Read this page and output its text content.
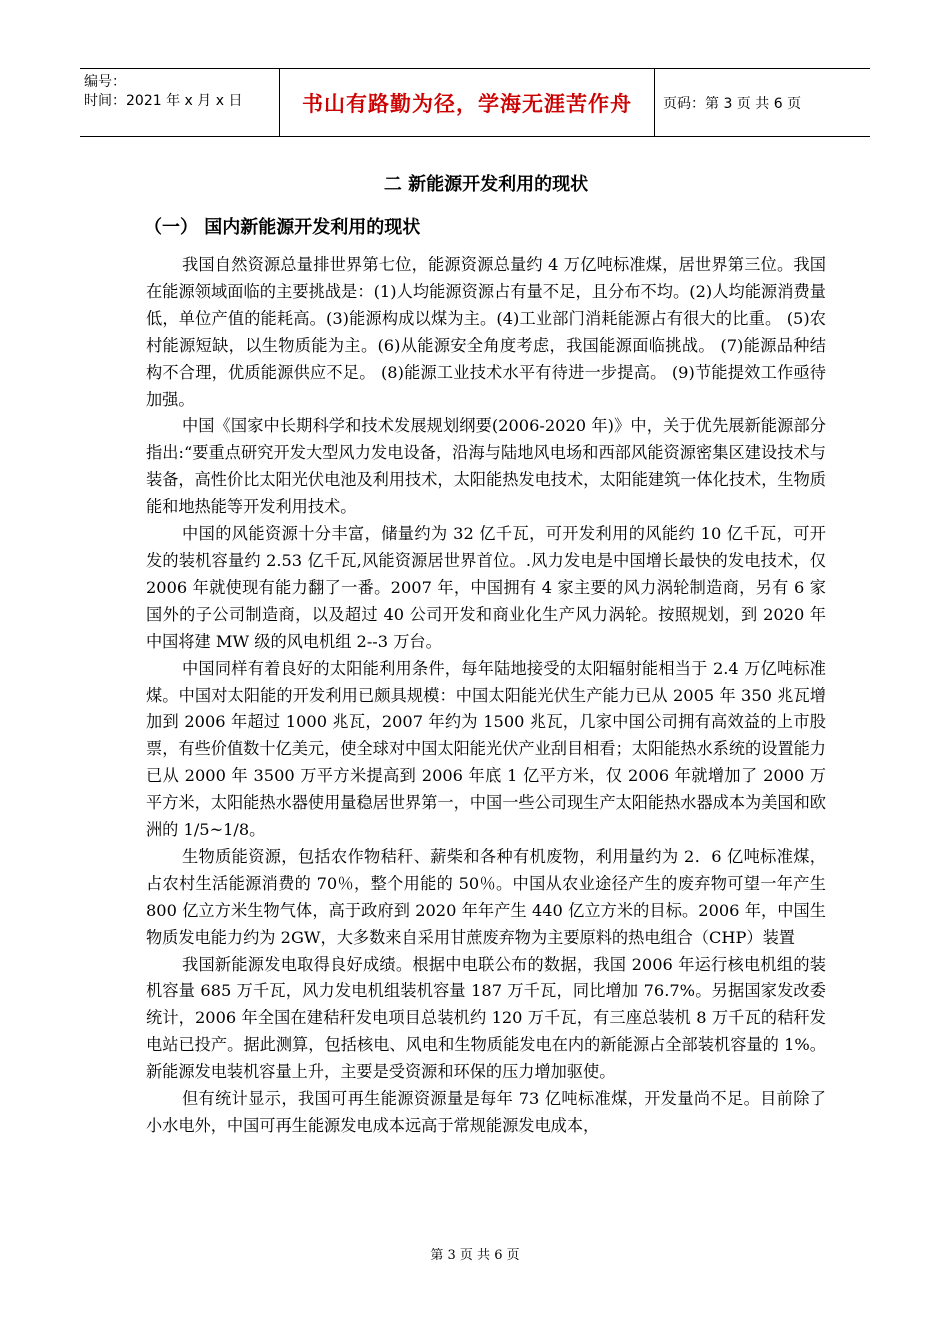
编号：
时间：2021 年 x 月 x 日	书山有路勤为径，学海无涯苦作舟	页码：第 3 页 共 6 页
二 新能源开发利用的现状
（一） 国内新能源开发利用的现状

我国自然资源总量排世界第七位，能源资源总量约 4 万亿吨标准煤，居世界第三位。我国在能源领域面临的主要挑战是：(1)人均能源资源占有量不足，且分布不均。(2)人均能源消费量低，单位产值的能耗高。(3)能源构成以煤为主。(4)工业部门消耗能源占有很大的比重。 (5)农村能源短缺，以生物质能为主。(6)从能源安全角度考虑，我国能源面临挑战。 (7)能源品种结构不合理，优质能源供应不足。 (8)能源工业技术水平有待进一步提高。 (9)节能提效工作亟待加强。

中国《国家中长期科学和技术发展规划纲要(2006-2020 年)》中，关于优先展新能源部分指出:“要重点研究开发大型风力发电设备，沿海与陆地风电场和西部风能资源密集区建设技术与装备，高性价比太阳光伏电池及利用技术，太阳能热发电技术，太阳能建筑一体化技术，生物质能和地热能等开发利用技术。

中国的风能资源十分丰富，储量约为 32 亿千瓦，可开发利用的风能约 10 亿千瓦，可开发的装机容量约 2.53 亿千瓦,风能资源居世界首位。.风力发电是中国增长最快的发电技术，仅 2006 年就使现有能力翻了一番。2007 年，中国拥有 4 家主要的风力涡轮制造商，另有 6 家国外的子公司制造商，以及超过 40 公司开发和商业化生产风力涡轮。按照规划，到 2020 年中国将建 MW 级的风电机组 2--3 万台。

中国同样有着良好的太阳能利用条件，每年陆地接受的太阳辐射能相当于 2.4 万亿吨标准煤。中国对太阳能的开发利用已颇具规模：中国太阳能光伏生产能力已从 2005 年 350 兆瓦增加到 2006 年超过 1000 兆瓦，2007 年约为 1500 兆瓦，几家中国公司拥有高效益的上市股票，有些价值数十亿美元，使全球对中国太阳能光伏产业刮目相看；太阳能热水系统的设置能力已从 2000 年 3500 万平方米提高到 2006 年底 1 亿平方米，仅 2006 年就增加了 2000 万平方米，太阳能热水器使用量稳居世界第一，中国一些公司现生产太阳能热水器成本为美国和欧洲的 1/5~1/8。

生物质能资源，包括农作物秸秆、薪柴和各种有机废物，利用量约为 2．6 亿吨标准煤，占农村生活能源消费的 70％，整个用能的 50％。中国从农业途径产生的废弃物可望一年产生 800 亿立方米生物气体，高于政府到 2020 年年产生 440 亿立方米的目标。2006 年，中国生物质发电能力约为 2GW，大多数来自采用甘蔗废弃物为主要原料的热电组合（CHP）装置

我国新能源发电取得良好成绩。根据中电联公布的数据，我国 2006 年运行核电机组的装机容量 685 万千瓦，风力发电机组装机容量 187 万千瓦，同比增加 76.7%。另据国家发改委统计，2006 年全国在建秸秆发电项目总装机约 120 万千瓦，有三座总装机 8 万千瓦的秸秆发电站已投产。据此测算，包括核电、风电和生物质能发电在内的新能源占全部装机容量的 1%。新能源发电装机容量上升，主要是受资源和环保的压力增加驱使。

但有统计显示，我国可再生能源资源量是每年 73 亿吨标准煤，开发量尚不足。目前除了小水电外，中国可再生能源发电成本远高于常规能源发电成本，

第 3 页 共 6 页
